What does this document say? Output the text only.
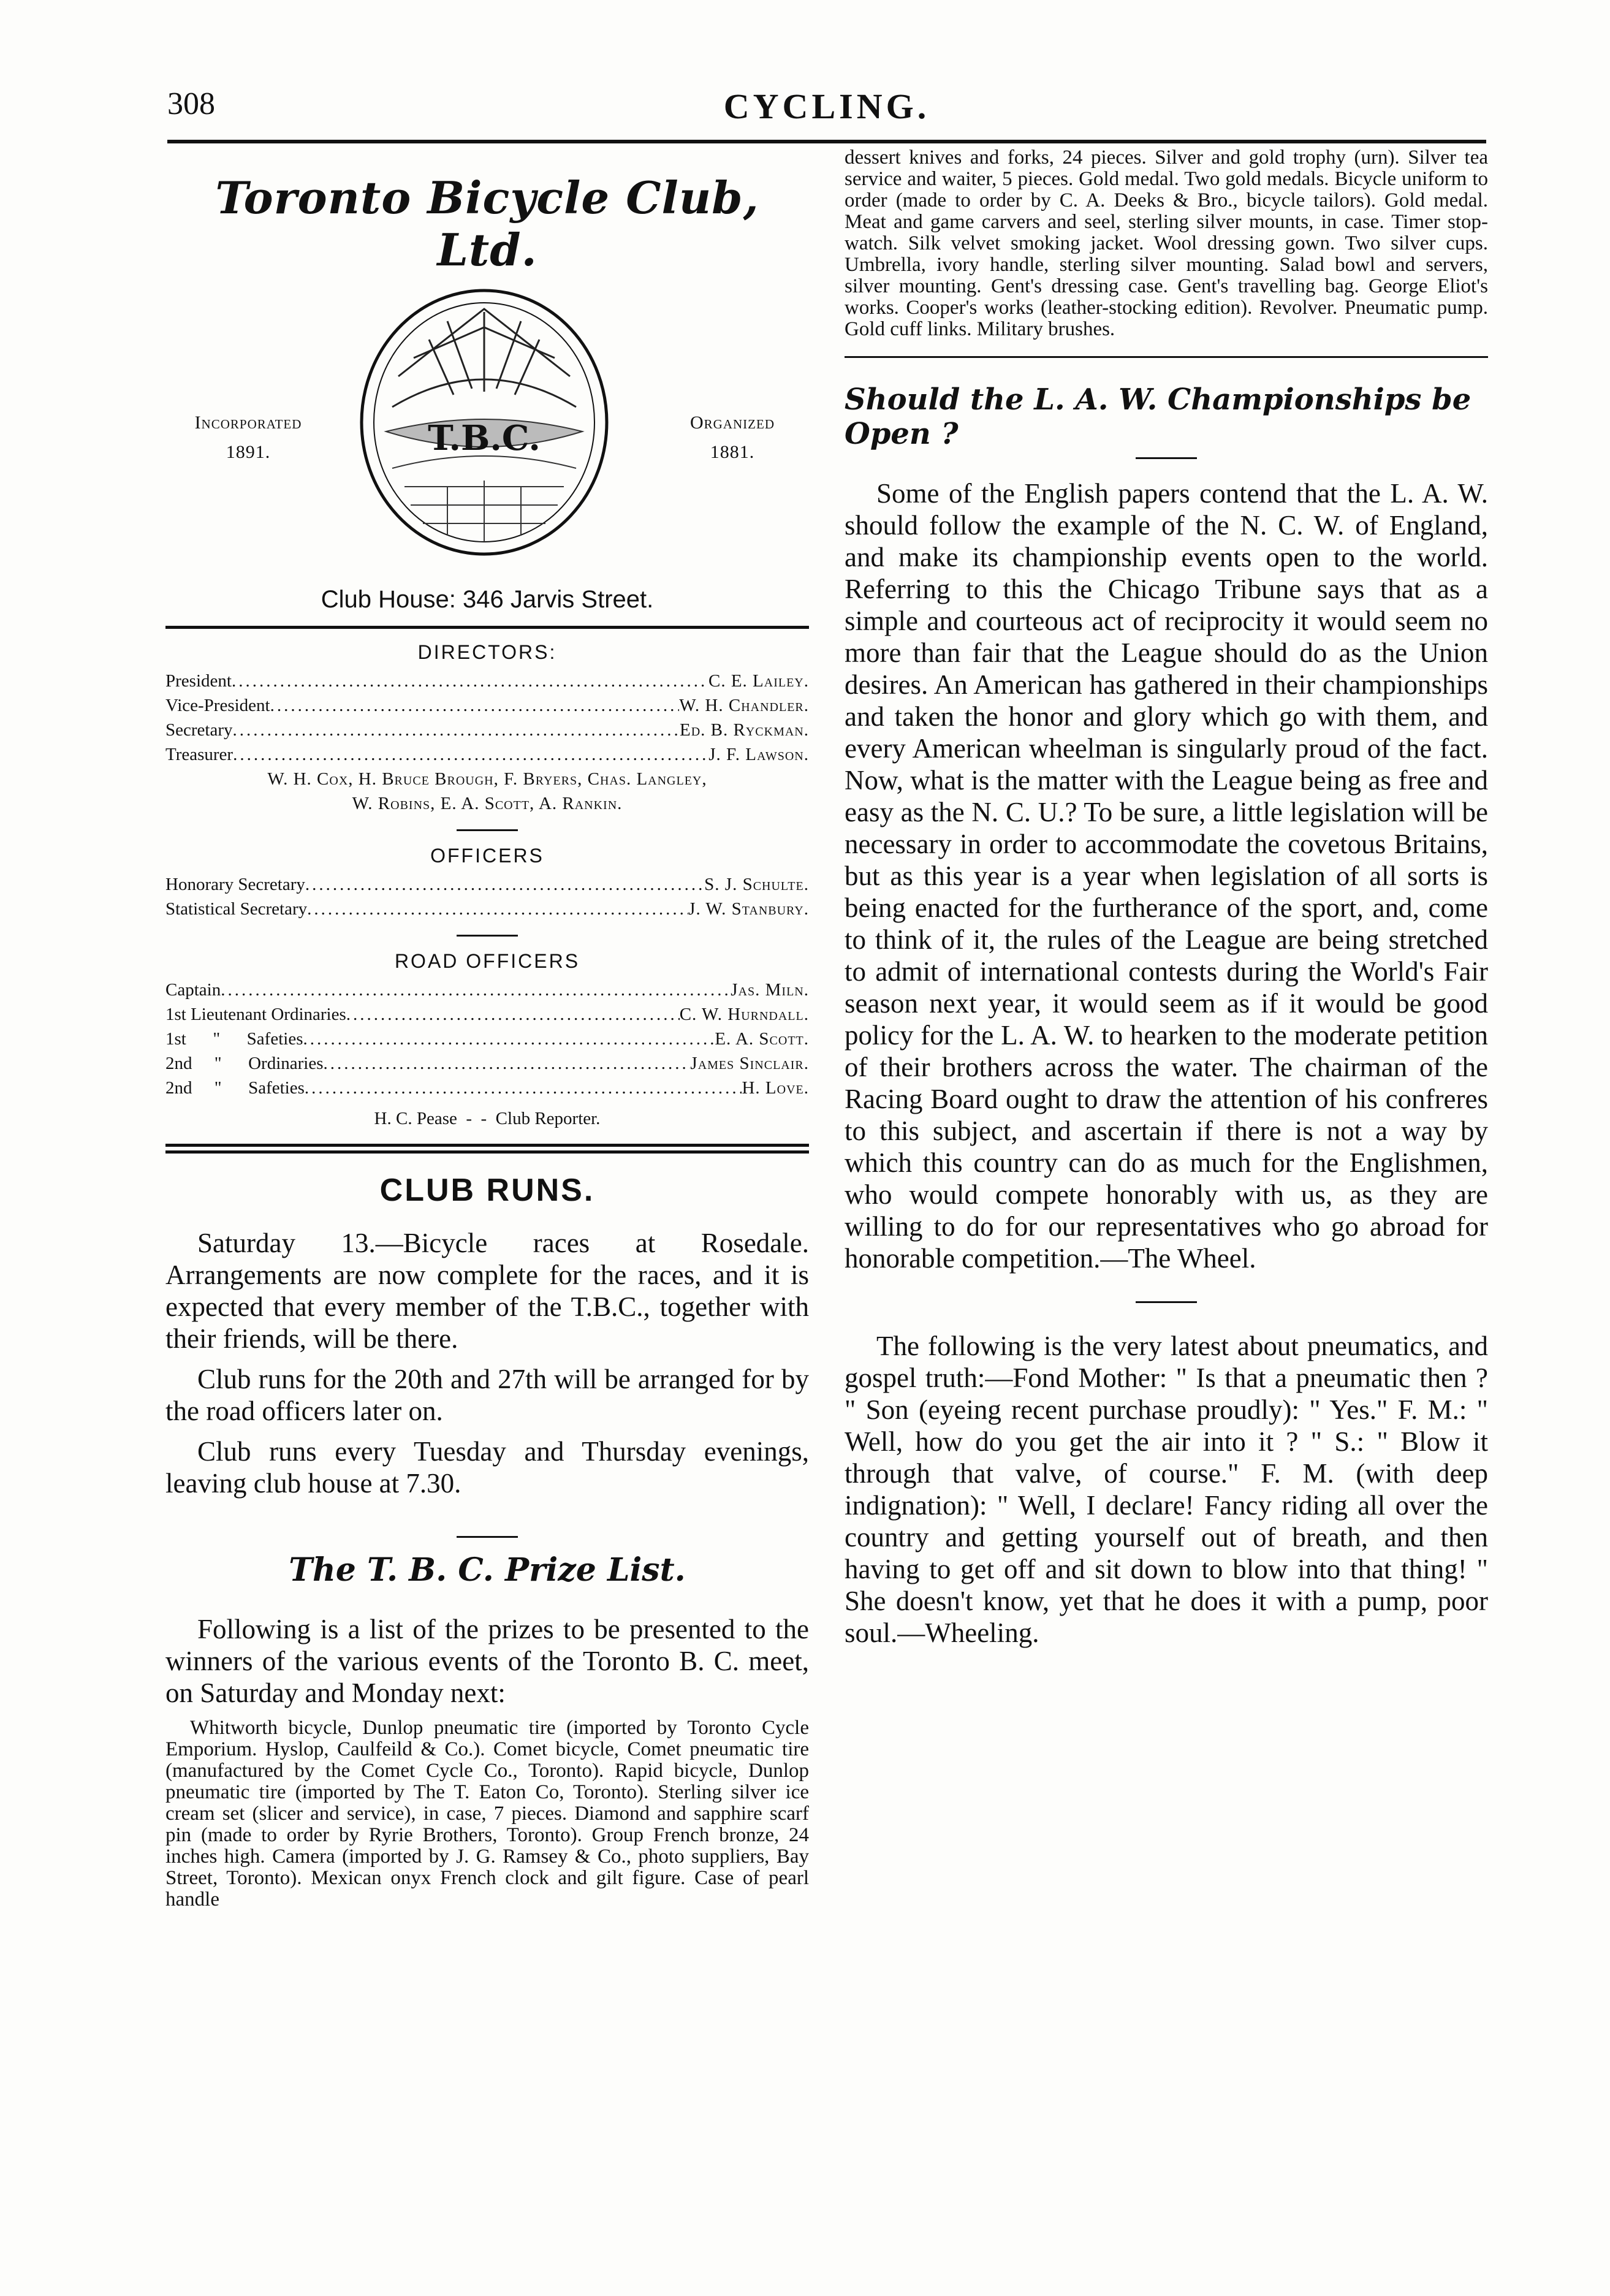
308	CYCLING.
Toronto Bicycle Club, Ltd.
Incorporated
1891.	T.B.C.	Organized
1881.
Club House: 346 Jarvis Street.
DIRECTORS:
President .....	C. E. Lailey.
Vice-President .....	W. H. Chandler.
Secretary .....	Ed. B. Ryckman.
Treasurer .....	J. F. Lawson.
W. H. Cox, H. Bruce Brough, F. Bryers, Chas. Langley,
W. Robins, E. A. Scott, A. Rankin.
OFFICERS
Honorary Secretary .....	S. J. Schulte.
Statistical Secretary .....	J. W. Stanbury.
ROAD OFFICERS
Captain .....	Jas. Miln.
1st Lieutenant Ordinaries .....	C. W. Hurndall.
1st      "      Safeties .....	E. A. Scott.
2nd     "      Ordinaries .....	James Sinclair.
2nd     "      Safeties .....	H. Love.
H. C. Pease  -  -  Club Reporter.
CLUB RUNS.

Saturday 13.—Bicycle races at Rosedale. Arrangements are now complete for the races, and it is expected that every member of the T.B.C., together with their friends, will be there.

Club runs for the 20th and 27th will be arranged for by the road officers later on.

Club runs every Tuesday and Thursday evenings, leaving club house at 7.30.

The T. B. C. Prize List.

Following is a list of the prizes to be presented to the winners of the various events of the Toronto B. C. meet, on Saturday and Monday next:

Whitworth bicycle, Dunlop pneumatic tire (imported by Toronto Cycle Emporium. Hyslop, Caulfeild & Co.). Comet bicycle, Comet pneumatic tire (manufactured by the Comet Cycle Co., Toronto). Rapid bicycle, Dunlop pneumatic tire (imported by The T. Eaton Co, Toronto). Sterling silver ice cream set (slicer and service), in case, 7 pieces. Diamond and sapphire scarf pin (made to order by Ryrie Brothers, Toronto). Group French bronze, 24 inches high. Camera (imported by J. G. Ramsey & Co., photo suppliers, Bay Street, Toronto). Mexican onyx French clock and gilt figure. Case of pearl handle

dessert knives and forks, 24 pieces. Silver and gold trophy (urn). Silver tea service and waiter, 5 pieces. Gold medal. Two gold medals. Bicycle uniform to order (made to order by C. A. Deeks & Bro., bicycle tailors). Gold medal. Meat and game carvers and seel, sterling silver mounts, in case. Timer stop-watch. Silk velvet smoking jacket. Wool dressing gown. Two silver cups. Umbrella, ivory handle, sterling silver mounting. Salad bowl and servers, silver mounting. Gent's dressing case. Gent's travelling bag. George Eliot's works. Cooper's works (leather-stocking edition). Revolver. Pneumatic pump. Gold cuff links. Military brushes.

Should the L. A. W. Championships be Open ?

Some of the English papers contend that the L. A. W. should follow the example of the N. C. W. of England, and make its championship events open to the world. Referring to this the Chicago Tribune says that as a simple and courteous act of reciprocity it would seem no more than fair that the League should do as the Union desires. An American has gathered in their championships and taken the honor and glory which go with them, and every American wheelman is singularly proud of the fact. Now, what is the matter with the League being as free and easy as the N. C. U.? To be sure, a little legislation will be necessary in order to accommodate the covetous Britains, but as this year is a year when legislation of all sorts is being enacted for the furtherance of the sport, and, come to think of it, the rules of the League are being stretched to admit of international contests during the World's Fair season next year, it would seem as if it would be good policy for the L. A. W. to hearken to the moderate petition of their brothers across the water. The chairman of the Racing Board ought to draw the attention of his confreres to this subject, and ascertain if there is not a way by which this country can do as much for the Englishmen, who would compete honorably with us, as they are willing to do for our representatives who go abroad for honorable competition.—The Wheel.

The following is the very latest about pneumatics, and gospel truth:—Fond Mother: " Is that a pneumatic then ? " Son (eyeing recent purchase proudly): " Yes." F. M.: " Well, how do you get the air into it ? " S.: " Blow it through that valve, of course." F. M. (with deep indignation): " Well, I declare! Fancy riding all over the country and getting yourself out of breath, and then having to get off and sit down to blow into that thing! " She doesn't know, yet that he does it with a pump, poor soul.—Wheeling.
